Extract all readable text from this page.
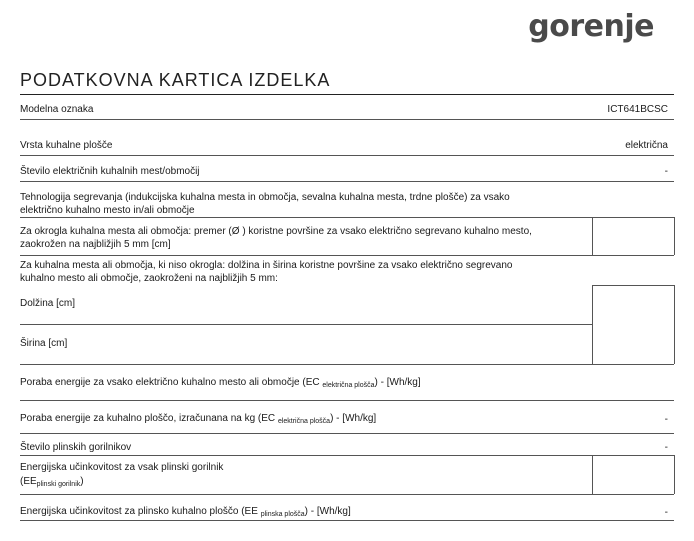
gorenje
PODATKOVNA KARTICA IZDELKA
Modelna oznaka	ICT641BCSC
Vrsta kuhalne plošče	električna
Število električnih kuhalnih mest/območij	-
Tehnologija segrevanja (indukcijska kuhalna mesta in območja, sevalna kuhalna mesta, trdne plošče) za vsako
električno kuhalno mesto in/ali območje
Za okrogla kuhalna mesta ali območja: premer (Ø ) koristne površine za vsako električno segrevano kuhalno mesto,
zaokrožen na najbližjih 5 mm [cm]
Za kuhalna mesta ali območja, ki niso okrogla: dolžina in širina koristne površine za vsako električno segrevano
kuhalno mesto ali območje, zaokroženi na najbližjih 5 mm:
Dolžina [cm]
Širina [cm]
Poraba energije za vsako električno kuhalno mesto ali območje (EC $_{električna plošča}$) - [Wh/kg]
Poraba energije za kuhalno ploščo, izračunana na kg (EC $_{električna plošča}$) - [Wh/kg]	-
Število plinskih gorilnikov	-
Energijska učinkovitost za vsak plinski gorilnik
$(EE_{plinski gorilnik})$
Energijska učinkovitost za plinsko kuhalno ploščo (EE $_{plinska plošča}$) - [Wh/kg]	-
